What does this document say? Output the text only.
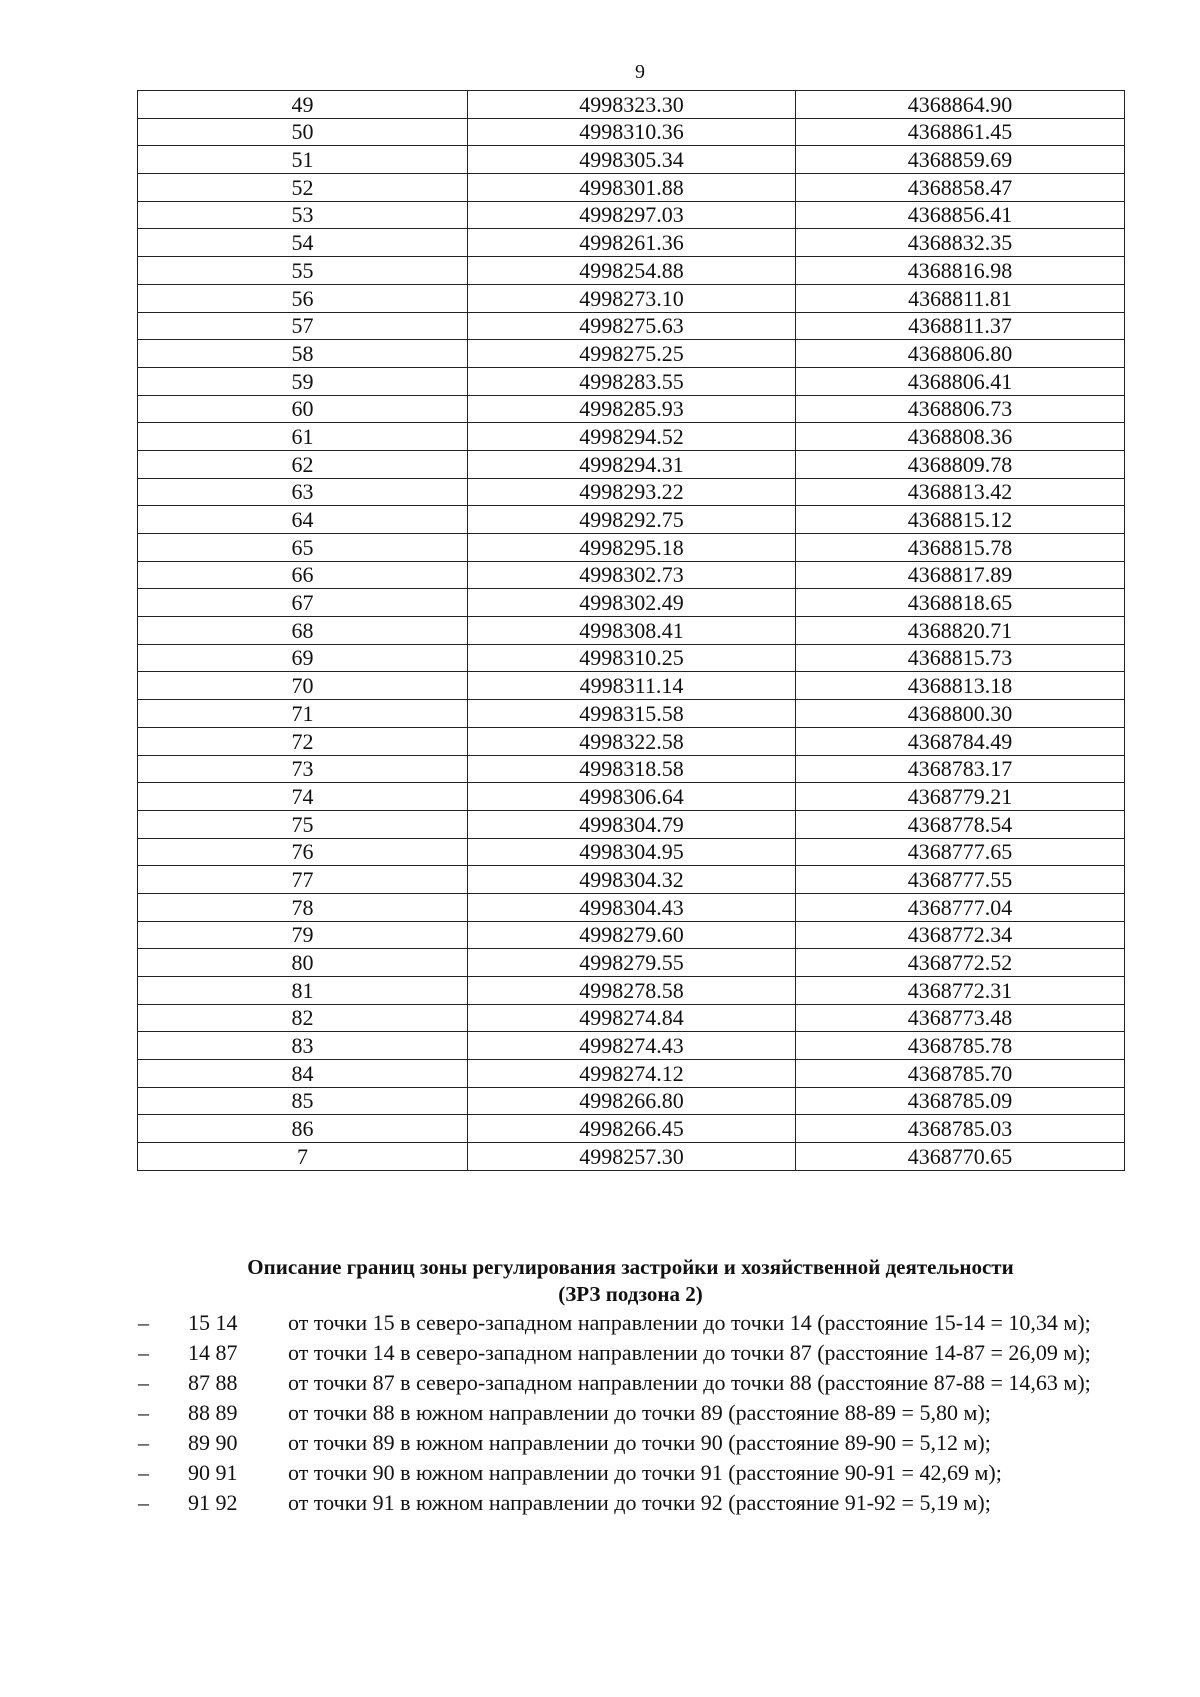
9
49	4998323.30	4368864.90
50	4998310.36	4368861.45
51	4998305.34	4368859.69
52	4998301.88	4368858.47
53	4998297.03	4368856.41
54	4998261.36	4368832.35
55	4998254.88	4368816.98
56	4998273.10	4368811.81
57	4998275.63	4368811.37
58	4998275.25	4368806.80
59	4998283.55	4368806.41
60	4998285.93	4368806.73
61	4998294.52	4368808.36
62	4998294.31	4368809.78
63	4998293.22	4368813.42
64	4998292.75	4368815.12
65	4998295.18	4368815.78
66	4998302.73	4368817.89
67	4998302.49	4368818.65
68	4998308.41	4368820.71
69	4998310.25	4368815.73
70	4998311.14	4368813.18
71	4998315.58	4368800.30
72	4998322.58	4368784.49
73	4998318.58	4368783.17
74	4998306.64	4368779.21
75	4998304.79	4368778.54
76	4998304.95	4368777.65
77	4998304.32	4368777.55
78	4998304.43	4368777.04
79	4998279.60	4368772.34
80	4998279.55	4368772.52
81	4998278.58	4368772.31
82	4998274.84	4368773.48
83	4998274.43	4368785.78
84	4998274.12	4368785.70
85	4998266.80	4368785.09
86	4998266.45	4368785.03
7	4998257.30	4368770.65

Описание границ зоны регулирования застройки и хозяйственной деятельности
(ЗРЗ подзона 2)

–	15 14 от точки 15 в северо-западном направлении до точки 14 (расстояние 15-14 = 10,34 м);
–	14 87 от точки 14 в северо-западном направлении до точки 87 (расстояние 14-87 = 26,09 м);
–	87 88 от точки 87 в северо-западном направлении до точки 88 (расстояние 87-88 = 14,63 м);
–	88 89 от точки 88 в южном направлении до точки 89 (расстояние 88-89 = 5,80 м);
–	89 90 от точки 89 в южном направлении до точки 90 (расстояние 89-90 = 5,12 м);
–	90 91 от точки 90 в южном направлении до точки 91 (расстояние 90-91 = 42,69 м);
–	91 92 от точки 91 в южном направлении до точки 92 (расстояние 91-92 = 5,19 м);
